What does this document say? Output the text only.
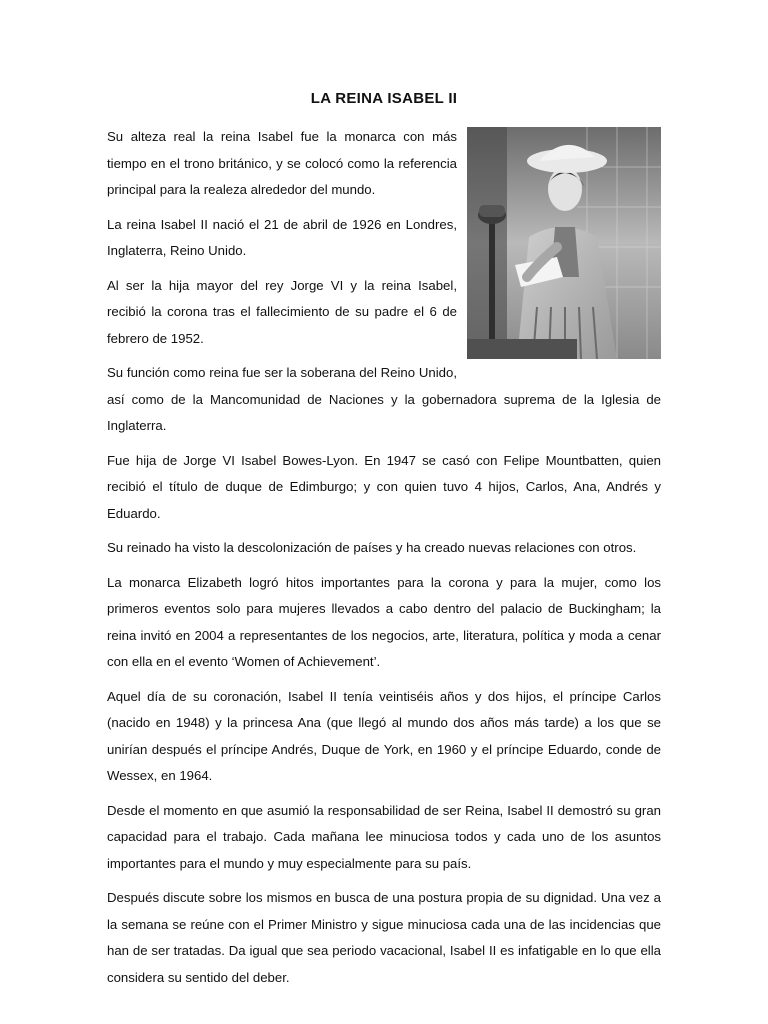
LA REINA ISABEL II

Su alteza real la reina Isabel fue la monarca con más tiempo en el trono británico, y se colocó como la referencia principal para la realeza alrededor del mundo.

La reina Isabel II nació el 21 de abril de 1926 en Londres, Inglaterra, Reino Unido.

Al ser la hija mayor del rey Jorge VI y la reina Isabel, recibió la corona tras el fallecimiento de su padre el 6 de febrero de 1952.

Su función como reina fue ser la soberana del Reino Unido, así como de la Mancomunidad de Naciones y la gobernadora suprema de la Iglesia de Inglaterra.

Fue hija de Jorge VI Isabel Bowes-Lyon. En 1947 se casó con Felipe Mountbatten, quien recibió el título de duque de Edimburgo; y con quien tuvo 4 hijos, Carlos, Ana, Andrés y Eduardo.

Su reinado ha visto la descolonización de países y ha creado nuevas relaciones con otros.

La monarca Elizabeth logró hitos importantes para la corona y para la mujer, como los primeros eventos solo para mujeres llevados a cabo dentro del palacio de Buckingham; la reina invitó en 2004 a representantes de los negocios, arte, literatura, política y moda a cenar con ella en el evento ‘Women of Achievement’.

Aquel día de su coronación, Isabel II tenía veintiséis años y dos hijos, el príncipe Carlos (nacido en 1948) y la princesa Ana (que llegó al mundo dos años más tarde) a los que se unirían después el príncipe Andrés, Duque de York, en 1960 y el príncipe Eduardo, conde de Wessex, en 1964.

Desde el momento en que asumió la responsabilidad de ser Reina, Isabel II demostró su gran capacidad para el trabajo. Cada mañana lee minuciosa todos y cada uno de los asuntos importantes para el mundo y muy especialmente para su país.

Después discute sobre los mismos en busca de una postura propia de su dignidad. Una vez a la semana se reúne con el Primer Ministro y sigue minuciosa cada una de las incidencias que han de ser tratadas. Da igual que sea periodo vacacional, Isabel II es infatigable en lo que ella considera su sentido del deber.
